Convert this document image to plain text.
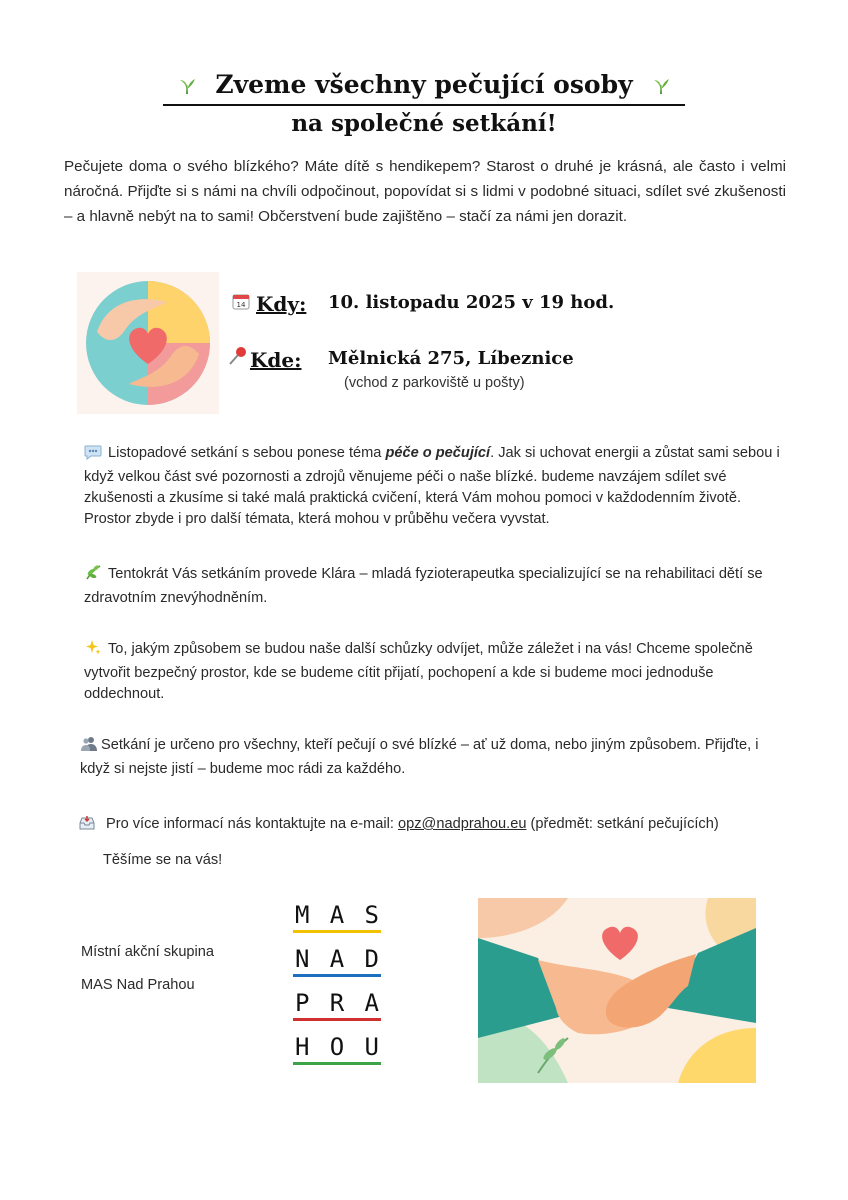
Zveme všechny pečující osoby
na společné setkání!
Pečujete doma o svého blízkého? Máte dítě s hendikepem? Starost o druhé je krásná, ale často i velmi náročná. Přijďte si s námi na chvíli odpočinout, popovídat si s lidmi v podobné situaci, sdílet své zkušenosti – a hlavně nebýt na to sami! Občerstvení bude zajištěno – stačí za námi jen dorazit.
14 Kdy: 10. listopadu 2025 v 19 hod.
Kde: Mělnická 275, Líbeznice
(vchod z parkoviště u pošty)
Listopadové setkání s sebou ponese téma péče o pečující. Jak si uchovat energii a zůstat sami sebou i když velkou část své pozornosti a zdrojů věnujeme péči o naše blízké. budeme navzájem sdílet své zkušenosti a zkusíme si také malá praktická cvičení, která Vám mohou pomoci v každodenním životě. Prostor zbyde i pro další témata, která mohou v průběhu večera vyvstat.
Tentokrát Vás setkáním provede Klára – mladá fyzioterapeutka specializující se na rehabilitaci dětí se zdravotním znevýhodněním.
To, jakým způsobem se budou naše další schůzky odvíjet, může záležet i na vás! Chceme společně vytvořit bezpečný prostor, kde se budeme cítit přijatí, pochopení a kde si budeme moci jednoduše oddechnout.
Setkání je určeno pro všechny, kteří pečují o své blízké – ať už doma, nebo jiným způsobem. Přijďte, i když si nejste jistí – budeme moc rádi za každého.
Pro více informací nás kontaktujte na e-mail: opz@nadprahou.eu (předmět: setkání pečujících)
Těšíme se na vás!
Místní akční skupina
MAS Nad Prahou
M A S
N A D
P R A
H O U
